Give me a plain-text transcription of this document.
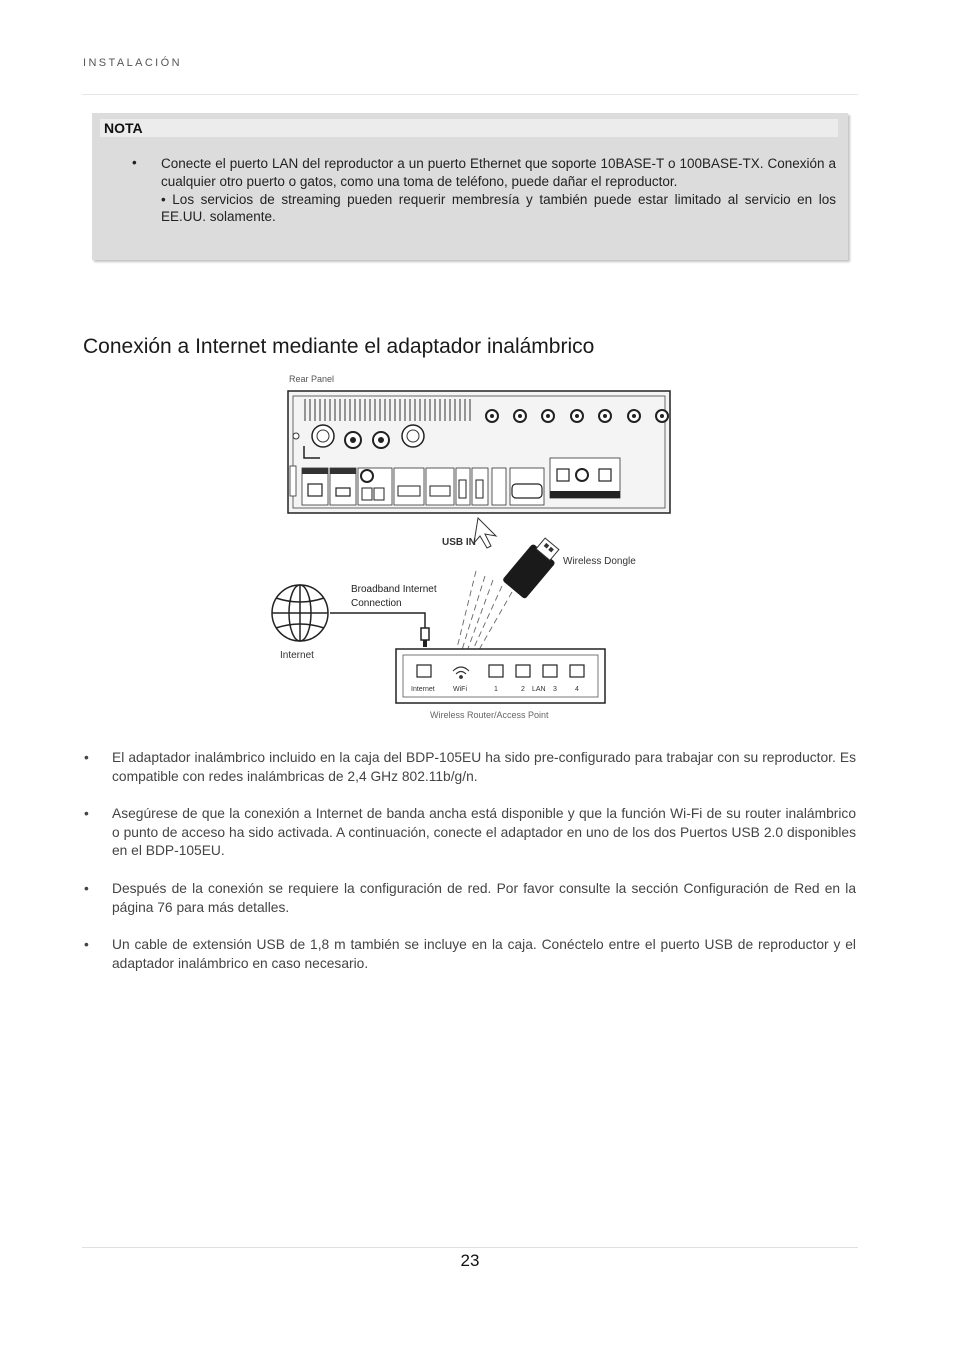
INSTALACIÓN
NOTA
• Conecte el puerto LAN del reproductor a un puerto Ethernet que soporte 10BASE-T o 100BASE-TX. Conexión a cualquier otro puerto o gatos, como una toma de teléfono, puede dañar el reproductor.

• Los servicios de streaming pueden requerir membresía y también puede estar limitado al servicio en los EE.UU. solamente.

Conexión a Internet mediante el adaptador inalámbrico
Rear Panel
USB IN
Wireless Dongle
Internet
Broadband Internet
Connection
Internet	WiFi	1	2 LAN 3	4
Wireless Router/Access Point
• El adaptador inalámbrico incluido en la caja del BDP-105EU ha sido pre-configurado para trabajar con su reproductor. Es compatible con redes inalámbricas de 2,4 GHz 802.11b/g/n.
• Asegúrese de que la conexión a Internet de banda ancha está disponible y que la función Wi-Fi de su router inalámbrico o punto de acceso ha sido activada. A continuación, conecte el adaptador en uno de los dos Puertos USB 2.0 disponibles en el BDP-105EU.
• Después de la conexión se requiere la configuración de red. Por favor consulte la sección Configuración de Red en la página 76 para más detalles.
• Un cable de extensión USB de 1,8 m también se incluye en la caja. Conéctelo entre el puerto USB de reproductor y el adaptador inalámbrico en caso necesario.
23
